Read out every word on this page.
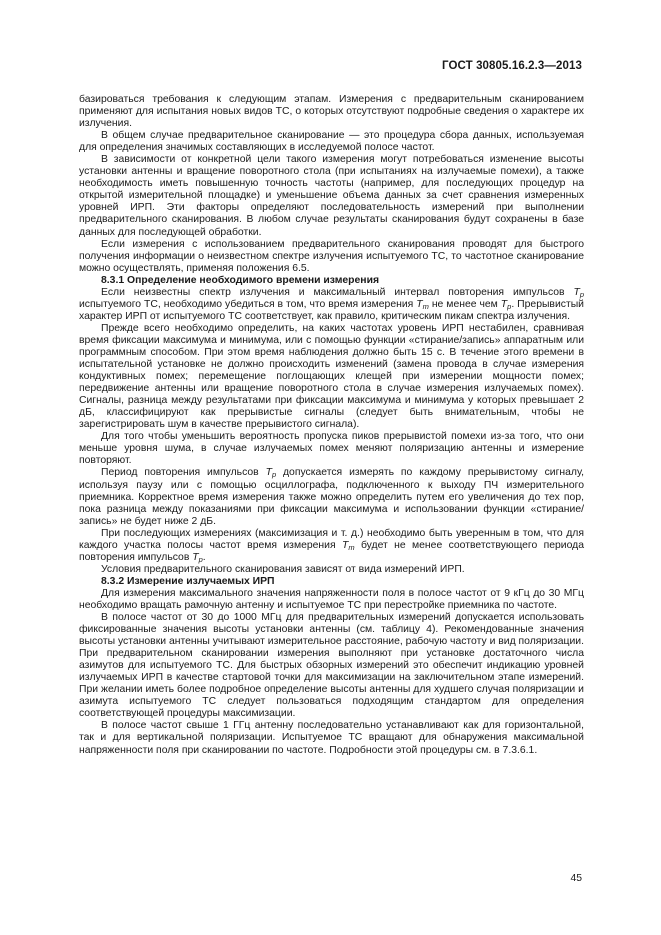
ГОСТ 30805.16.2.3—2013

базироваться требования к следующим этапам. Измерения с предварительным сканированием применяют для испытания новых видов ТС, о которых отсутствуют подробные сведения о характере их излучения.

В общем случае предварительное сканирование — это процедура сбора данных, используемая для определения значимых составляющих в исследуемой полосе частот.

В зависимости от конкретной цели такого измерения могут потребоваться изменение высоты установки антенны и вращение поворотного стола (при испытаниях на излучаемые помехи), а также необходимость иметь повышенную точность частоты (например, для последующих процедур на открытой измерительной площадке) и уменьшение объема данных за счет сравнения измеренных уровней ИРП. Эти факторы определяют последовательность измерений при выполнении предварительного сканирования. В любом случае результаты сканирования будут сохранены в базе данных для последующей обработки.

Если измерения с использованием предварительного сканирования проводят для быстрого получения информации о неизвестном спектре излучения испытуемого ТС, то частотное сканирование можно осуществлять, применяя положения 6.5.

8.3.1 Определение необходимого времени измерения

Если неизвестны спектр излучения и максимальный интервал повторения импульсов $T_p$ испытуемого ТС, необходимо убедиться в том, что время измерения $T_m$ не менее чем $T_p$. Прерывистый характер ИРП от испытуемого ТС соответствует, как правило, критическим пикам спектра излучения.

Прежде всего необходимо определить, на каких частотах уровень ИРП нестабилен, сравнивая время фиксации максимума и минимума, или с помощью функции «стирание/запись» аппаратным или программным способом. При этом время наблюдения должно быть 15 с. В течение этого времени в испытательной установке не должно происходить изменений (замена провода в случае измерения кондуктивных помех; перемещение поглощающих клещей при измерении мощности помех; передвижение антенны или вращение поворотного стола в случае измерения излучаемых помех). Сигналы, разница между результатами при фиксации максимума и минимума у которых превышает 2 дБ, классифицируют как прерывистые сигналы (следует быть внимательным, чтобы не зарегистрировать шум в качестве прерывистого сигнала).

Для того чтобы уменьшить вероятность пропуска пиков прерывистой помехи из-за того, что они меньше уровня шума, в случае излучаемых помех меняют поляризацию антенны и измерение повторяют.

Период повторения импульсов $T_p$ допускается измерять по каждому прерывистому сигналу, используя паузу или с помощью осциллографа, подключенного к выходу ПЧ измерительного приемника. Корректное время измерения также можно определить путем его увеличения до тех пор, пока разница между показаниями при фиксации максимума и использовании функции «стирание/запись» не будет ниже 2 дБ.

При последующих измерениях (максимизация и т. д.) необходимо быть уверенным в том, что для каждого участка полосы частот время измерения $T_m$ будет не менее соответствующего периода повторения импульсов $T_p$.

Условия предварительного сканирования зависят от вида измерений ИРП.

8.3.2 Измерение излучаемых ИРП

Для измерения максимального значения напряженности поля в полосе частот от 9 кГц до 30 МГц необходимо вращать рамочную антенну и испытуемое ТС при перестройке приемника по частоте.

В полосе частот от 30 до 1000 МГц для предварительных измерений допускается использовать фиксированные значения высоты установки антенны (см. таблицу 4). Рекомендованные значения высоты установки антенны учитывают измерительное расстояние, рабочую частоту и вид поляризации. При предварительном сканировании измерения выполняют при установке достаточного числа азимутов для испытуемого ТС. Для быстрых обзорных измерений это обеспечит индикацию уровней излучаемых ИРП в качестве стартовой точки для максимизации на заключительном этапе измерений. При желании иметь более подробное определение высоты антенны для худшего случая поляризации и азимута испытуемого ТС следует пользоваться подходящим стандартом для определения соответствующей процедуры максимизации.

В полосе частот свыше 1 ГГц антенну последовательно устанавливают как для горизонтальной, так и для вертикальной поляризации. Испытуемое ТС вращают для обнаружения максимальной напряженности поля при сканировании по частоте. Подробности этой процедуры см. в 7.3.6.1.

45
